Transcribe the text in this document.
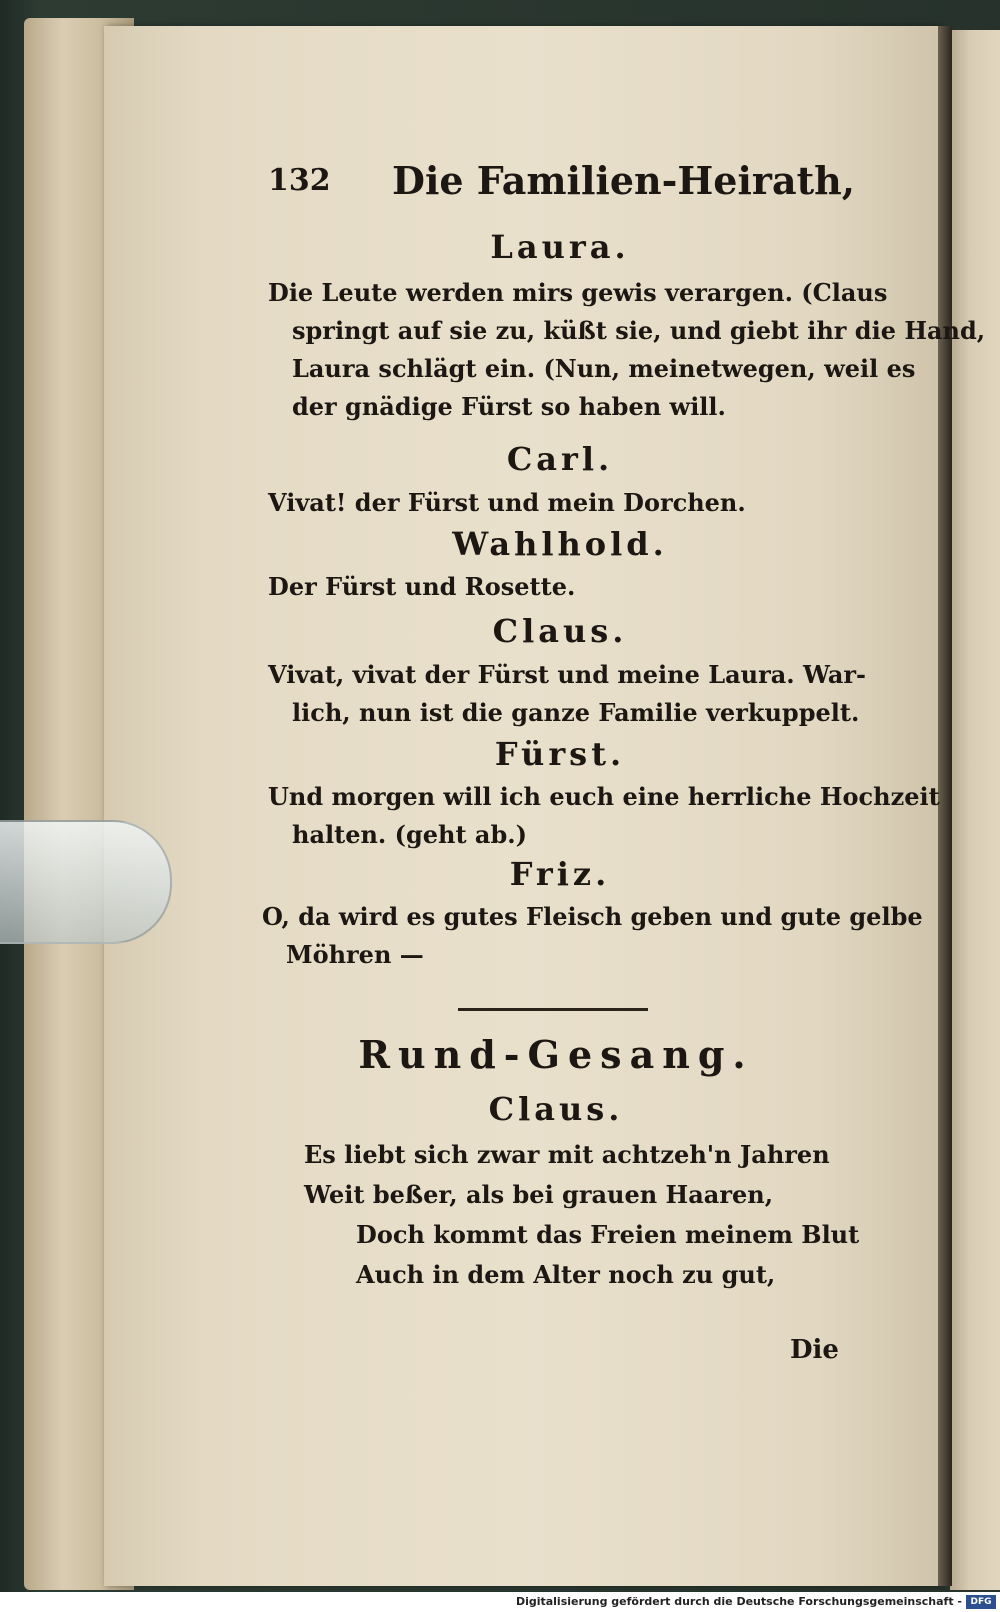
132 Die Familien-Heirath,
Laura.
Die Leute werden mirs gewis verargen. (Claus
springt auf sie zu, küßt sie, und giebt ihr die Hand,
Laura schlägt ein. (Nun, meinetwegen, weil es
der gnädige Fürst so haben will.
Carl.
Vivat! der Fürst und mein Dorchen.
Wahlhold.
Der Fürst und Rosette.
Claus.
Vivat, vivat der Fürst und meine Laura. War-
lich, nun ist die ganze Familie verkuppelt.
Fürst.
Und morgen will ich euch eine herrliche Hochzeit
halten. (geht ab.)
Friz.
O, da wird es gutes Fleisch geben und gute gelbe
Möhren —
Rund-Gesang.
Claus.
Es liebt sich zwar mit achtzeh'n Jahren
Weit beßer, als bei grauen Haaren,
Doch kommt das Freien meinem Blut
Auch in dem Alter noch zu gut,
Die
Digitalisierung gefördert durch die Deutsche Forschungsgemeinschaft - DFG
